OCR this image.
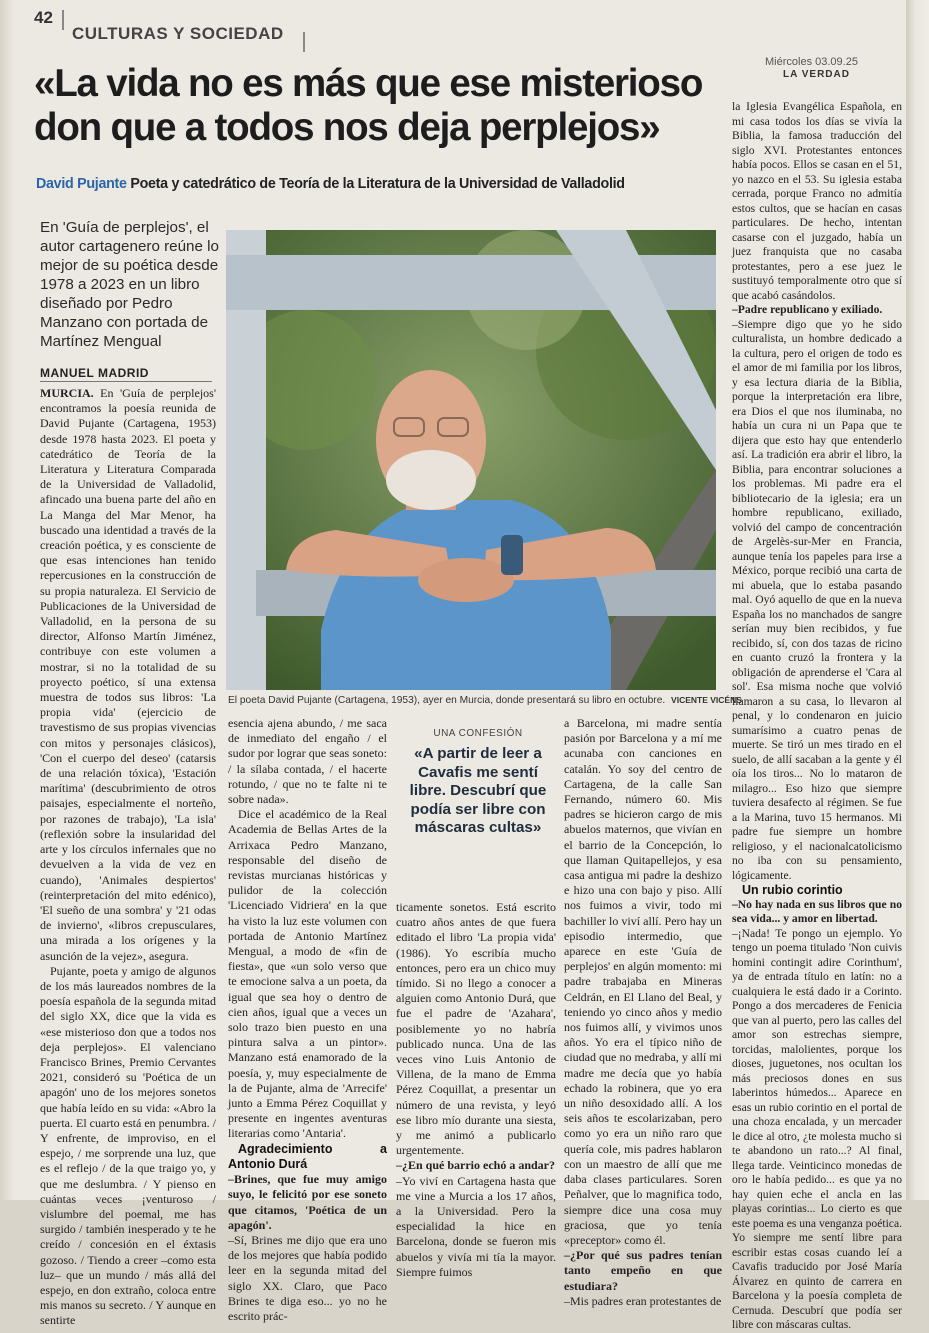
42
CULTURAS Y SOCIEDAD
Miércoles 03.09.25
LA VERDAD
«La vida no es más que ese misterioso
don que a todos nos deja perplejos»
David Pujante Poeta y catedrático de Teoría de la Literatura de la Universidad de Valladolid
En 'Guía de perplejos', el autor cartagenero reúne lo mejor de su poética desde 1978 a 2023 en un libro diseñado por Pedro Manzano con portada de Martínez Mengual
MANUEL MADRID
El poeta David Pujante (Cartagena, 1953), ayer en Murcia, donde presentará su libro en octubre. VICENTE VICÉNS

MURCIA. En 'Guía de perplejos' encontramos la poesía reunida de David Pujante (Cartagena, 1953) desde 1978 hasta 2023. El poeta y catedrático de Teoría de la Literatura y Literatura Comparada de la Universidad de Valladolid, afincado una buena parte del año en La Manga del Mar Menor, ha buscado una identidad a través de la creación poética, y es consciente de que esas intenciones han tenido repercusiones en la construcción de su propia naturaleza. El Servicio de Publicaciones de la Universidad de Valladolid, en la persona de su director, Alfonso Martín Jiménez, contribuye con este volumen a mostrar, si no la totalidad de su proyecto poético, sí una extensa muestra de todos sus libros: 'La propia vida' (ejercicio de travestismo de sus propias vivencias con mitos y personajes clásicos), 'Con el cuerpo del deseo' (catarsis de una relación tóxica), 'Estación marítima' (descubrimiento de otros paisajes, especialmente el norteño, por razones de trabajo), 'La isla' (reflexión sobre la insularidad del arte y los círculos infernales que no devuelven a la vida de vez en cuando), 'Animales despiertos' (reinterpretación del mito edénico), 'El sueño de una sombra' y '21 odas de invierno', «libros crepusculares, una mirada a los orígenes y la asunción de la vejez», asegura.

Pujante, poeta y amigo de algunos de los más laureados nombres de la poesía española de la segunda mitad del siglo XX, dice que la vida es «ese misterioso don que a todos nos deja perplejos». El valenciano Francisco Brines, Premio Cervantes 2021, consideró su 'Poética de un apagón' uno de los mejores sonetos que había leído en su vida: «Abro la puerta. El cuarto está en penumbra. / Y enfrente, de improviso, en el espejo, / me sorprende una luz, que es el reflejo / de la que traigo yo, y que me deslumbra. / Y pienso en cuántas veces ¡venturoso / vislumbre del poemal, me has surgido / también inesperado y te he creído / concesión en el éxtasis gozoso. / Tiendo a creer –como esta luz– que un mundo / más allá del espejo, en don extraño, coloca entre mis manos su secreto. / Y aunque en sentirte

esencia ajena abundo, / me saca de inmediato del engaño / el sudor por lograr que seas soneto: / la sílaba contada, / el hacerte rotundo, / que no te falte ni te sobre nada».

Dice el académico de la Real Academia de Bellas Artes de la Arrixaca Pedro Manzano, responsable del diseño de revistas murcianas históricas y pulidor de la colección 'Licenciado Vidriera' en la que ha visto la luz este volumen con portada de Antonio Martínez Mengual, a modo de «fin de fiesta», que «un solo verso que te emocione salva a un poeta, da igual que sea hoy o dentro de cien años, igual que a veces un solo trazo bien puesto en una pintura salva a un pintor». Manzano está enamorado de la poesía, y, muy especialmente de la de Pujante, alma de 'Arrecife' junto a Emma Pérez Coquillat y presente en ingentes aventuras literarias como 'Antaria'.

Agradecimiento a Antonio Durá

–Brines, que fue muy amigo suyo, le felicitó por ese soneto que citamos, 'Poética de un apagón'.

–Sí, Brines me dijo que era uno de los mejores que había podido leer en la segunda mitad del siglo XX. Claro, que Paco Brines te diga eso... yo no he escrito prác-

UNA CONFESIÓN
«A partir de leer a Cavafis me sentí libre. Descubrí que podía ser libre con máscaras cultas»

ticamente sonetos. Está escrito cuatro años antes de que fuera editado el libro 'La propia vida' (1986). Yo escribía mucho entonces, pero era un chico muy tímido. Si no llego a conocer a alguien como Antonio Durá, que fue el padre de 'Azahara', posiblemente yo no habría publicado nunca. Una de las veces vino Luis Antonio de Villena, de la mano de Emma Pérez Coquillat, a presentar un número de una revista, y leyó ese libro mío durante una siesta, y me animó a publicarlo urgentemente.

–¿En qué barrio echó a andar?

–Yo viví en Cartagena hasta que me vine a Murcia a los 17 años, a la Universidad. Pero la especialidad la hice en Barcelona, donde se fueron mis abuelos y vivía mi tía la mayor. Siempre fuimos

a Barcelona, mi madre sentía pasión por Barcelona y a mí me acunaba con canciones en catalán. Yo soy del centro de Cartagena, de la calle San Fernando, número 60. Mis padres se hicieron cargo de mis abuelos maternos, que vivían en el barrio de la Concepción, lo que llaman Quitapellejos, y esa casa antigua mi padre la deshizo e hizo una con bajo y piso. Allí nos fuimos a vivir, todo mi bachiller lo viví allí. Pero hay un episodio intermedio, que aparece en este 'Guía de perplejos' en algún momento: mi padre trabajaba en Mineras Celdrán, en El Llano del Beal, y teniendo yo cinco años y medio nos fuimos allí, y vivimos unos años. Yo era el típico niño de ciudad que no medraba, y allí mi madre me decía que yo había echado la robinera, que yo era un niño desoxidado allí. A los seis años te escolarizaban, pero como yo era un niño raro que quería cole, mis padres hablaron con un maestro de allí que me daba clases particulares. Soren Peñalver, que lo magnifica todo, siempre dice una cosa muy graciosa, que yo tenía «preceptor» como él.

–¿Por qué sus padres tenían tanto empeño en que estudiara?

–Mis padres eran protestantes de

la Iglesia Evangélica Española, en mi casa todos los días se vivía la Biblia, la famosa traducción del siglo XVI. Protestantes entonces había pocos. Ellos se casan en el 51, yo nazco en el 53. Su iglesia estaba cerrada, porque Franco no admitía estos cultos, que se hacían en casas particulares. De hecho, intentan casarse con el juzgado, había un juez franquista que no casaba protestantes, pero a ese juez le sustituyó temporalmente otro que sí que acabó casándolos.

–Padre republicano y exiliado.

–Siempre digo que yo he sido culturalista, un hombre dedicado a la cultura, pero el origen de todo es el amor de mi familia por los libros, y esa lectura diaria de la Biblia, porque la interpretación era libre, era Dios el que nos iluminaba, no había un cura ni un Papa que te dijera que esto hay que entenderlo así. La tradición era abrir el libro, la Biblia, para encontrar soluciones a los problemas. Mi padre era el bibliotecario de la iglesia; era un hombre republicano, exiliado, volvió del campo de concentración de Argelès-sur-Mer en Francia, aunque tenía los papeles para irse a México, porque recibió una carta de mi abuela, que lo estaba pasando mal. Oyó aquello de que en la nueva España los no manchados de sangre serían muy bien recibidos, y fue recibido, sí, con dos tazas de ricino en cuanto cruzó la frontera y la obligación de aprenderse el 'Cara al sol'. Esa misma noche que volvió llamaron a su casa, lo llevaron al penal, y lo condenaron en juicio sumarísimo a cuatro penas de muerte. Se tiró un mes tirado en el suelo, de allí sacaban a la gente y él oía los tiros... No lo mataron de milagro... Eso hizo que siempre tuviera desafecto al régimen. Se fue a la Marina, tuvo 15 hermanos. Mi padre fue siempre un hombre religioso, y el nacionalcatolicismo no iba con su pensamiento, lógicamente.

Un rubio corintio

–No hay nada en sus libros que no sea vida... y amor en libertad.

–¡Nada! Te pongo un ejemplo. Yo tengo un poema titulado 'Non cuivis homini contingit adire Corinthum', ya de entrada título en latín: no a cualquiera le está dado ir a Corinto. Pongo a dos mercaderes de Fenicia que van al puerto, pero las calles del amor son estrechas siempre, torcidas, malolientes, porque los dioses, juguetones, nos ocultan los más preciosos dones en sus laberintos húmedos... Aparece en esas un rubio corintio en el portal de una choza encalada, y un mercader le dice al otro, ¿te molesta mucho si te abandono un rato...? Al final, llega tarde. Veinticinco monedas de oro le había pedido... es que ya no hay quien eche el ancla en las playas corintias... Lo cierto es que este poema es una venganza poética. Yo siempre me sentí libre para escribir estas cosas cuando leí a Cavafis traducido por José María Álvarez en quinto de carrera en Barcelona y la poesía completa de Cernuda. Descubrí que podía ser libre con máscaras cultas.
